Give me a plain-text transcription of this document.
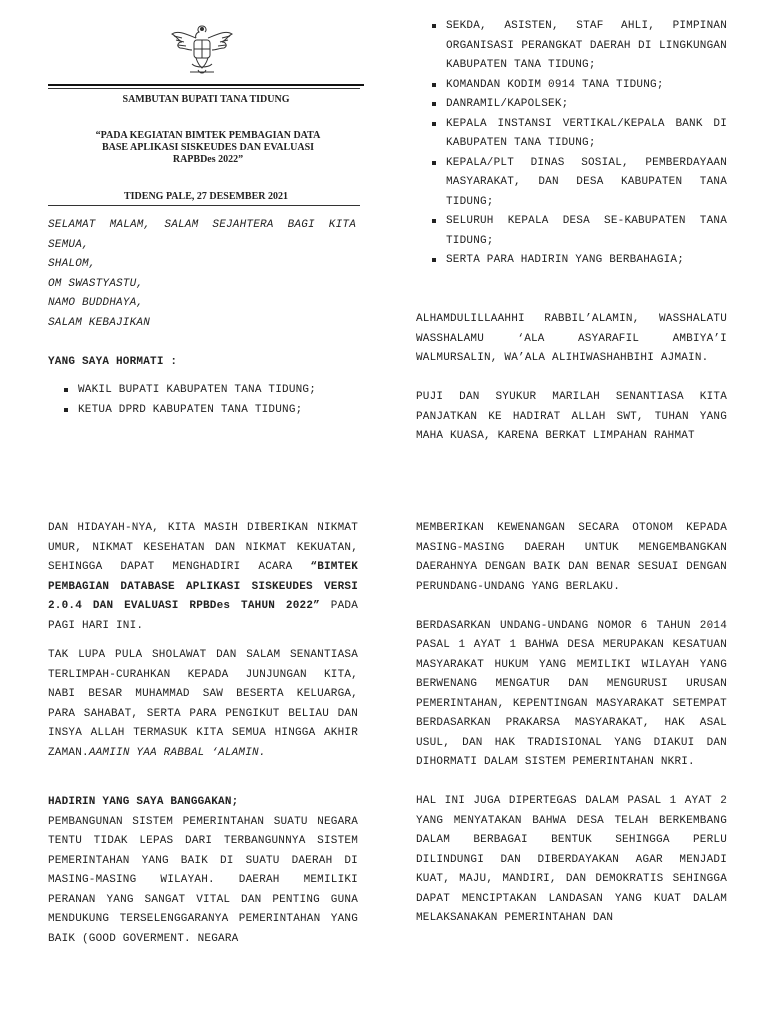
SAMBUTAN BUPATI TANA TIDUNG
“PADA KEGIATAN BIMTEK PEMBAGIAN DATA BASE APLIKASI SISKEUDES DAN EVALUASI RAPBDes 2022”
TIDENG PALE, 27 DESEMBER 2021

SELAMAT MALAM, SALAM SEJAHTERA BAGI KITA SEMUA,

SHALOM,

OM SWASTYASTU,

NAMO BUDDHAYA,

SALAM KEBAJIKAN

YANG SAYA HORMATI :

WAKIL BUPATI KABUPATEN TANA TIDUNG;
KETUA DPRD KABUPATEN TANA TIDUNG;
SEKDA, ASISTEN, STAF AHLI, PIMPINAN ORGANISASI PERANGKAT DAERAH DI LINGKUNGAN KABUPATEN TANA TIDUNG;
KOMANDAN KODIM 0914 TANA TIDUNG;
DANRAMIL/KAPOLSEK;
KEPALA INSTANSI VERTIKAL/KEPALA BANK DI KABUPATEN TANA TIDUNG;
KEPALA/PLT DINAS SOSIAL, PEMBERDAYAAN MASYARAKAT, DAN DESA KABUPATEN TANA TIDUNG;
SELURUH KEPALA DESA SE-KABUPATEN TANA TIDUNG;
SERTA PARA HADIRIN YANG BERBAHAGIA;

ALHAMDULILLAAHHI RABBIL’ALAMIN, WASSHALATU WASSHALAMU ‘ALA ASYARAFIL AMBIYA’I WALMURSALIN, WA’ALA ALIHIWASHAHBIHI AJMAIN.

PUJI DAN SYUKUR MARILAH SENANTIASA KITA PANJATKAN KE HADIRAT ALLAH SWT, TUHAN YANG MAHA KUASA, KARENA BERKAT LIMPAHAN RAHMAT

DAN HIDAYAH-NYA, KITA MASIH DIBERIKAN NIKMAT UMUR, NIKMAT KESEHATAN DAN NIKMAT KEKUATAN, SEHINGGA DAPAT MENGHADIRI ACARA “BIMTEK PEMBAGIAN DATABASE APLIKASI SISKEUDES VERSI 2.0.4 DAN EVALUASI RPBDes TAHUN 2022” PADA PAGI HARI INI.

TAK LUPA PULA SHOLAWAT DAN SALAM SENANTIASA TERLIMPAH-CURAHKAN KEPADA JUNJUNGAN KITA, NABI BESAR MUHAMMAD SAW BESERTA KELUARGA, PARA SAHABAT, SERTA PARA PENGIKUT BELIAU DAN INSYA ALLAH TERMASUK KITA SEMUA HINGGA AKHIR ZAMAN.AAMIIN YAA RABBAL ‘ALAMIN.

HADIRIN YANG SAYA BANGGAKAN;

PEMBANGUNAN SISTEM PEMERINTAHAN SUATU NEGARA TENTU TIDAK LEPAS DARI TERBANGUNNYA SISTEM PEMERINTAHAN YANG BAIK DI SUATU DAERAH DI MASING-MASING WILAYAH. DAERAH MEMILIKI PERANAN YANG SANGAT VITAL DAN PENTING GUNA MENDUKUNG TERSELENGGARANYA PEMERINTAHAN YANG BAIK (GOOD GOVERMENT. NEGARA

MEMBERIKAN KEWENANGAN SECARA OTONOM KEPADA MASING-MASING DAERAH UNTUK MENGEMBANGKAN DAERAHNYA DENGAN BAIK DAN BENAR SESUAI DENGAN PERUNDANG-UNDANG YANG BERLAKU.

BERDASARKAN UNDANG-UNDANG NOMOR 6 TAHUN 2014 PASAL 1 AYAT 1 BAHWA DESA MERUPAKAN KESATUAN MASYARAKAT HUKUM YANG MEMILIKI WILAYAH YANG BERWENANG MENGATUR DAN MENGURUSI URUSAN PEMERINTAHAN, KEPENTINGAN MASYARAKAT SETEMPAT BERDASARKAN PRAKARSA MASYARAKAT, HAK ASAL USUL, DAN HAK TRADISIONAL YANG DIAKUI DAN DIHORMATI DALAM SISTEM PEMERINTAHAN NKRI.

HAL INI JUGA DIPERTEGAS DALAM PASAL 1 AYAT 2 YANG MENYATAKAN BAHWA DESA TELAH BERKEMBANG DALAM BERBAGAI BENTUK SEHINGGA PERLU DILINDUNGI DAN DIBERDAYAKAN AGAR MENJADI KUAT, MAJU, MANDIRI, DAN DEMOKRATIS SEHINGGA DAPAT MENCIPTAKAN LANDASAN YANG KUAT DALAM MELAKSANAKAN PEMERINTAHAN DAN
